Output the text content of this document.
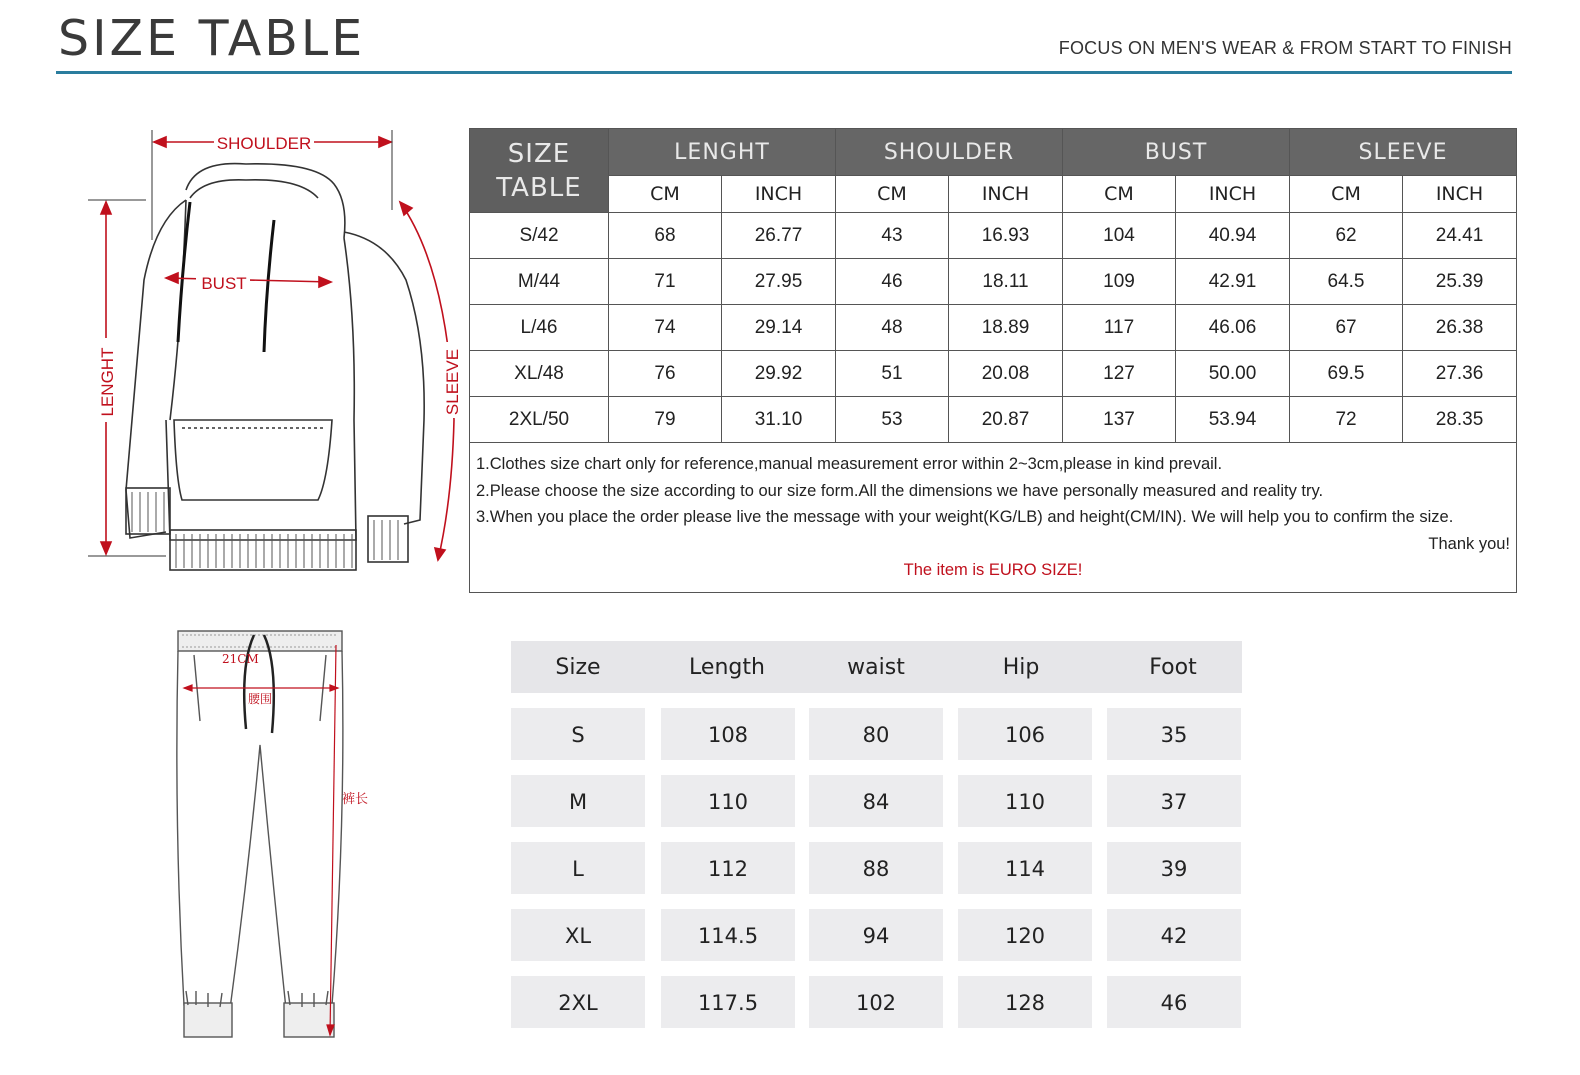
SIZE TABLE	FOCUS ON MEN'S WEAR & FROM START TO FINISH
SHOULDER
BUST
LENGHT	SLEEVE
SIZE
TABLE	LENGHT		SHOULDER		BUST		SLEEVE	
	CM	INCH	CM	INCH	CM	INCH	CM	INCH
S/42	68	26.77	43	16.93	104	40.94	62	24.41
M/44	71	27.95	46	18.11	109	42.91	64.5	25.39
L/46	74	29.14	48	18.89	117	46.06	67	26.38
XL/48	76	29.92	51	20.08	127	50.00	69.5	27.36
2XL/50	79	31.10	53	20.87	137	53.94	72	28.35

1.Clothes size chart only for reference,manual measurement error within 2~3cm,please in kind prevail.
2.Please choose the size according to our size form.All the dimensions we have personally measured and reality try.
3.When you place the order please live the message with your weight(KG/LB) and height(CM/IN). We will help you to confirm the size.
Thank you!
The item is EURO SIZE!								
21CM
腰围
裤长
Size	Length	waist	Hip	Foot
S	108	80	106	35
M	110	84	110	37
L	112	88	114	39
XL	114.5	94	120	42
2XL	117.5	102	128	46
